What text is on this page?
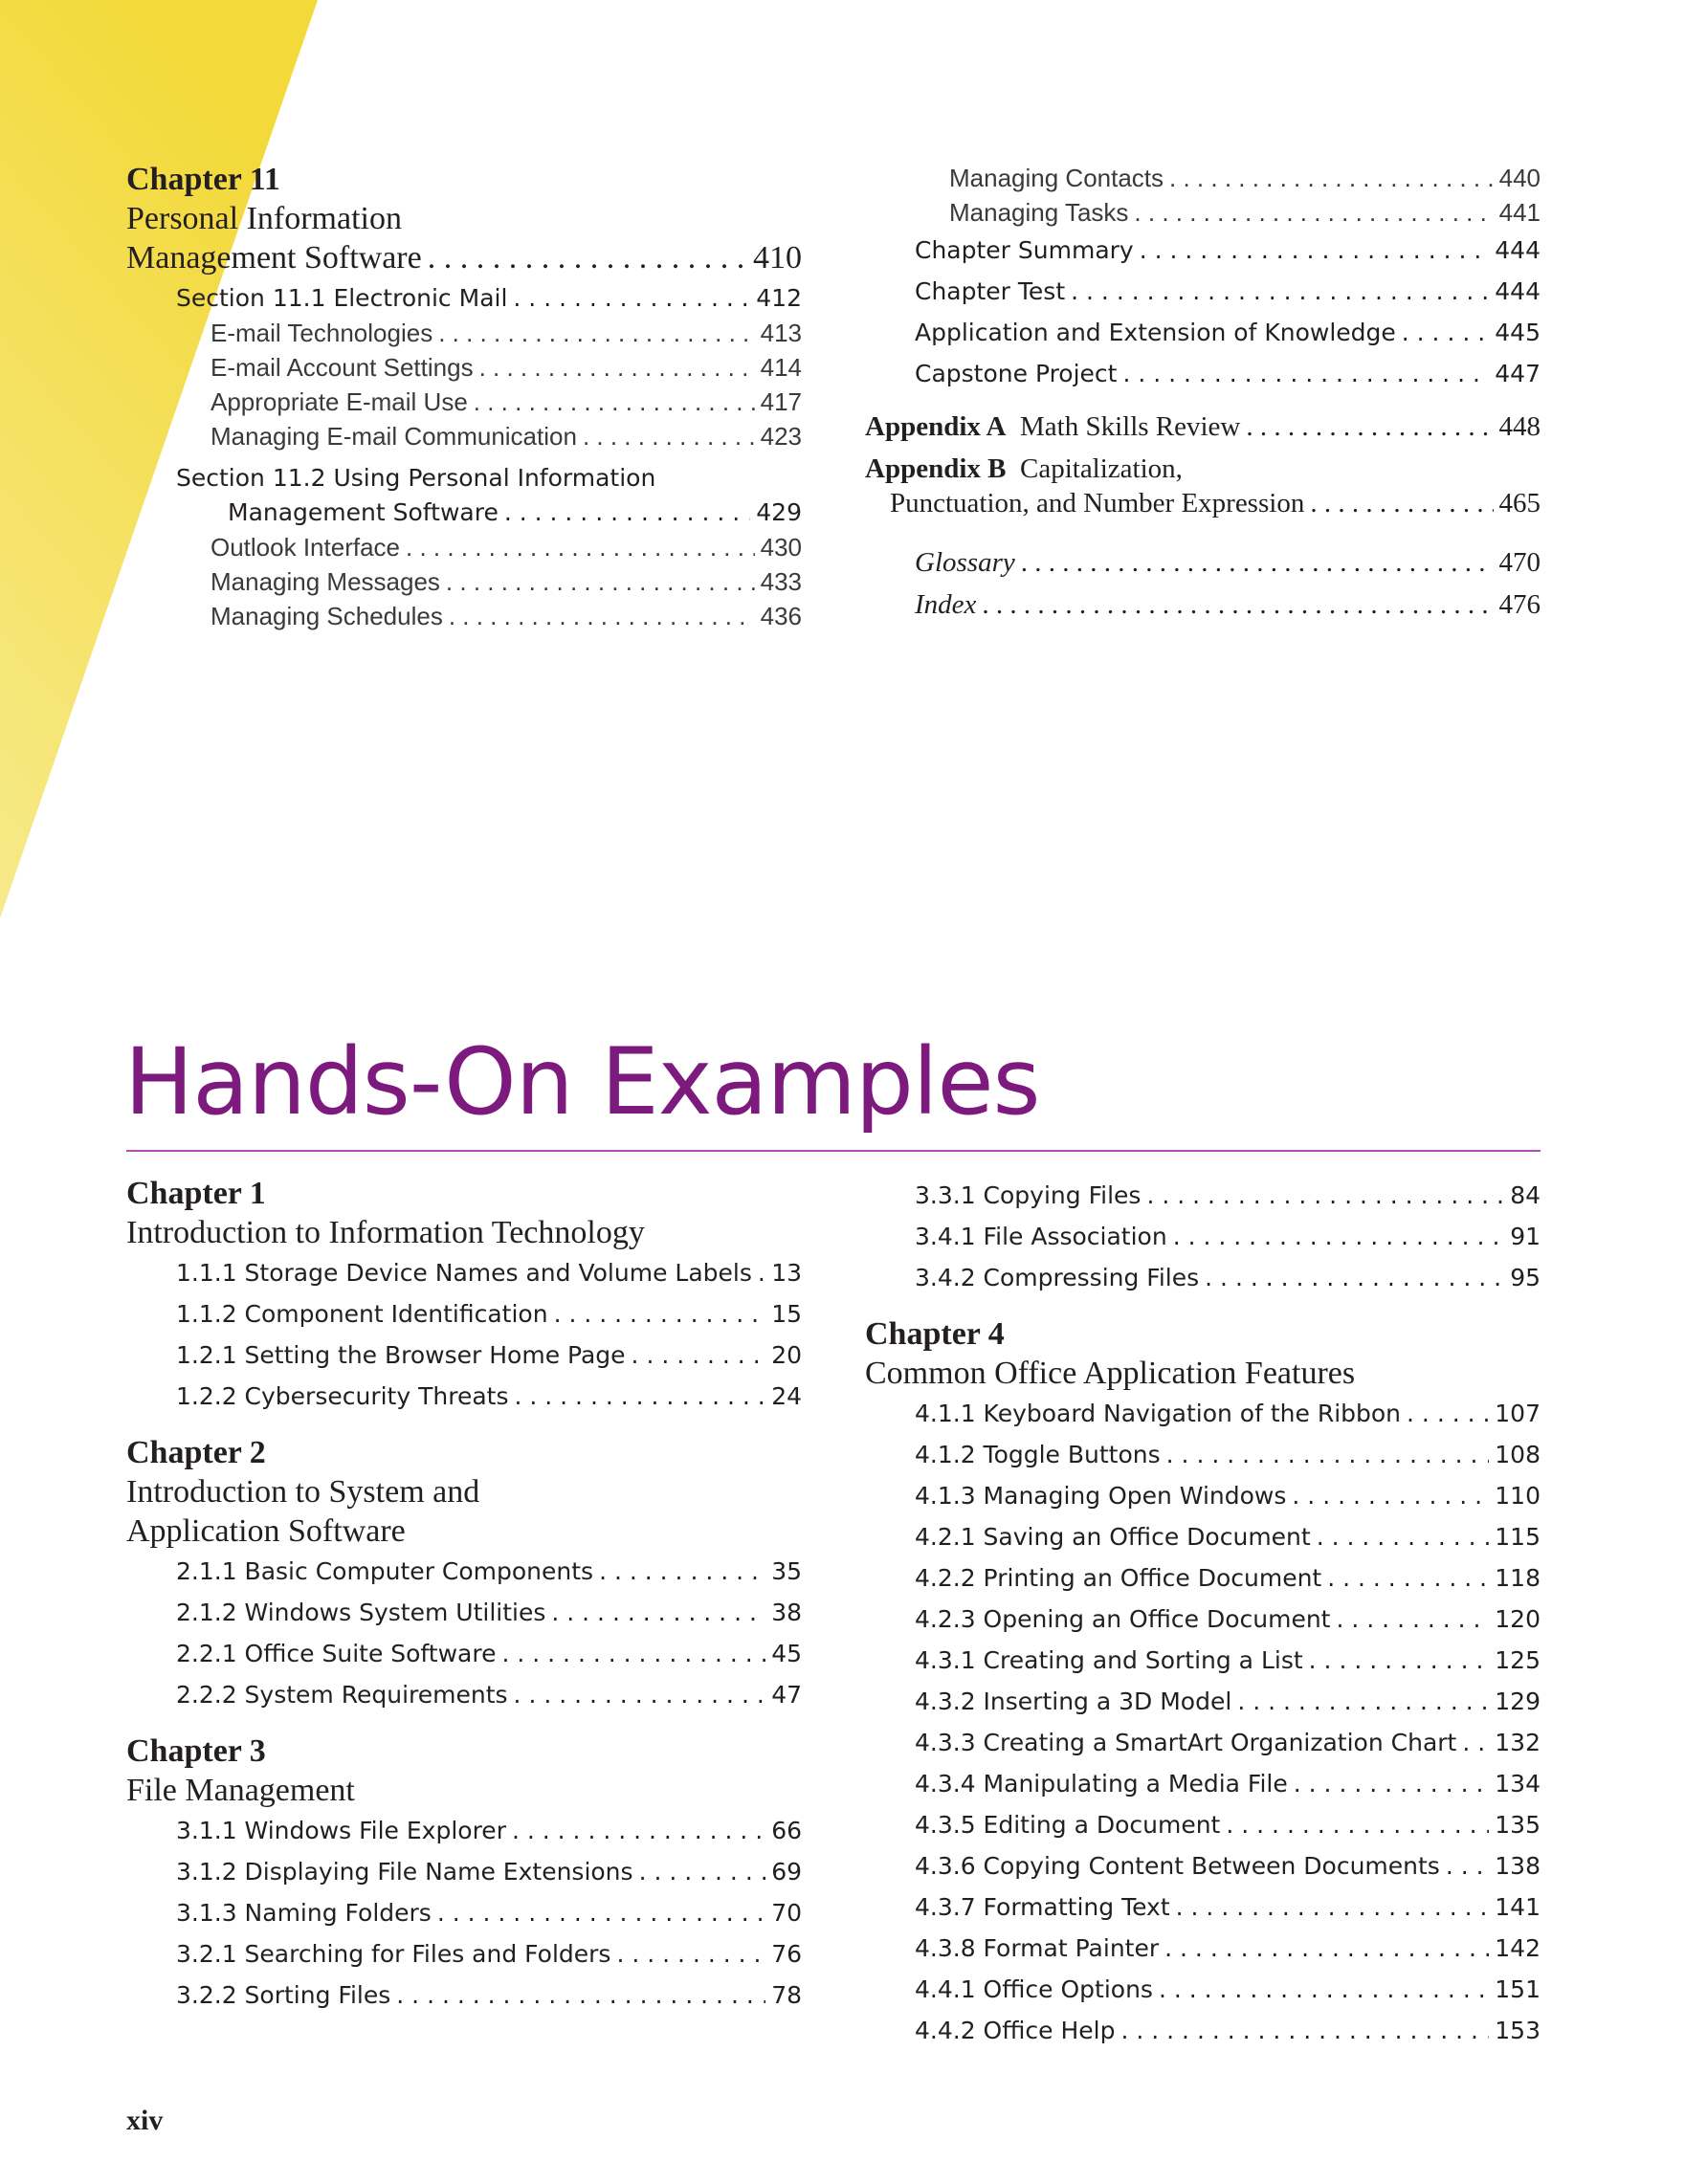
Chapter 11
Personal Information
Management Software . . .	410
Section 11.1 Electronic Mail . . .	412
E-mail Technologies . . .	413
E-mail Account Settings . . .	414
Appropriate E-mail Use . . .	417
Managing E-mail Communication . . .	423
Section 11.2 Using Personal Information
Management Software . . .	429
Outlook Interface . . .	430
Managing Messages . . .	433
Managing Schedules . . .	436
Managing Contacts . . .	440
Managing Tasks . . .	441
Chapter Summary . . .	444
Chapter Test . . .	444
Application and Extension of Knowledge . . .	445
Capstone Project . . .	447
Appendix A Math Skills Review . . .	448
Appendix B Capitalization,
Punctuation, and Number Expression . . .	465
Glossary . . .	470
Index . . .	476
Hands-On Examples
Chapter 1
Introduction to Information Technology
1.1.1 Storage Device Names and Volume Labels . . . 13
1.1.2 Component Identification . . .	15
1.2.1 Setting the Browser Home Page . . .	20
1.2.2 Cybersecurity Threats . . .	24
Chapter 2
Introduction to System and
Application Software
2.1.1 Basic Computer Components . . .	35
2.1.2 Windows System Utilities . . .	38
2.2.1 Office Suite Software . . .	45
2.2.2 System Requirements . . .	47
Chapter 3
File Management
3.1.1 Windows File Explorer . . .	66
3.1.2 Displaying File Name Extensions . . .	69
3.1.3 Naming Folders . . .	70
3.2.1 Searching for Files and Folders . . .	76
3.2.2 Sorting Files . . .	78
3.3.1 Copying Files . . .	84
3.4.1 File Association . . .	91
3.4.2 Compressing Files . . .	95
Chapter 4
Common Office Application Features
4.1.1 Keyboard Navigation of the Ribbon . . .	107
4.1.2 Toggle Buttons . . .	108
4.1.3 Managing Open Windows . . .	110
4.2.1 Saving an Office Document . . .	115
4.2.2 Printing an Office Document . . .	118
4.2.3 Opening an Office Document . . .	120
4.3.1 Creating and Sorting a List . . .	125
4.3.2 Inserting a 3D Model . . .	129
4.3.3 Creating a SmartArt Organization Chart . . . 132
4.3.4 Manipulating a Media File . . .	134
4.3.5 Editing a Document . . .	135
4.3.6 Copying Content Between Documents . . . 138
4.3.7 Formatting Text . . .	141
4.3.8 Format Painter . . .	142
4.4.1 Office Options . . .	151
4.4.2 Office Help . . .	153
xiv
